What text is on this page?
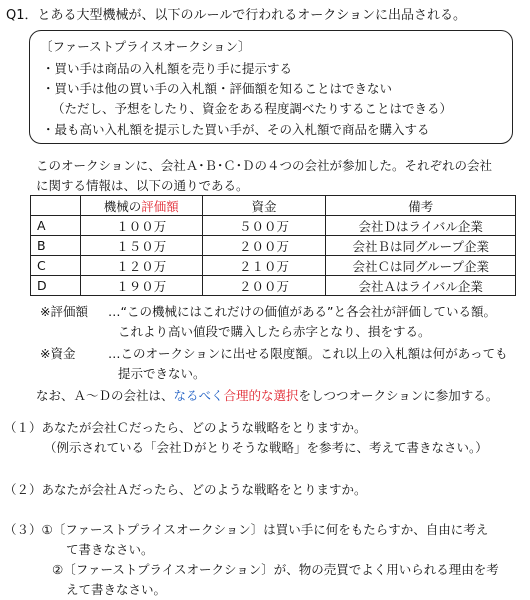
Q1．とある大型機械が、以下のルールで行われるオークションに出品される。
〔ファーストプライスオークション〕
・買い手は商品の入札額を売り手に提示する
・買い手は他の買い手の入札額・評価額を知ることはできない
（ただし、予想をしたり、資金をある程度調べたりすることはできる）
・最も高い入札額を提示した買い手が、その入札額で商品を購入する
このオークションに、会社Ａ･Ｂ･Ｃ･Ｄの４つの会社が参加した。それぞれの会社
に関する情報は、以下の通りである。
	機械の評価額	資金	備考
A	１００万	５００万	会社Ｄはライバル企業
B	１５０万	２００万	会社Ｂは同グループ企業
C	１２０万	２１０万	会社Ｃは同グループ企業
D	１９０万	２００万	会社Ａはライバル企業
※評価額 …“この機械にはこれだけの価値がある”と各会社が評価している額。
これより高い値段で購入したら赤字となり、損をする。
※資金	…このオークションに出せる限度額。これ以上の入札額は何があっても
提示できない。
なお、Ａ～Ｄの会社は、なるべく合理的な選択をしつつオークションに参加する。
（１）あなたが会社Ｃだったら、どのような戦略をとりますか。
（例示されている「会社Ｄがとりそうな戦略」を参考に、考えて書きなさい。）
（２）あなたが会社Ａだったら、どのような戦略をとりますか。
（３）①〔ファーストプライスオークション〕は買い手に何をもたらすか、自由に考え
て書きなさい。
②〔ファーストプライスオークション〕が、物の売買でよく用いられる理由を考
えて書きなさい。
